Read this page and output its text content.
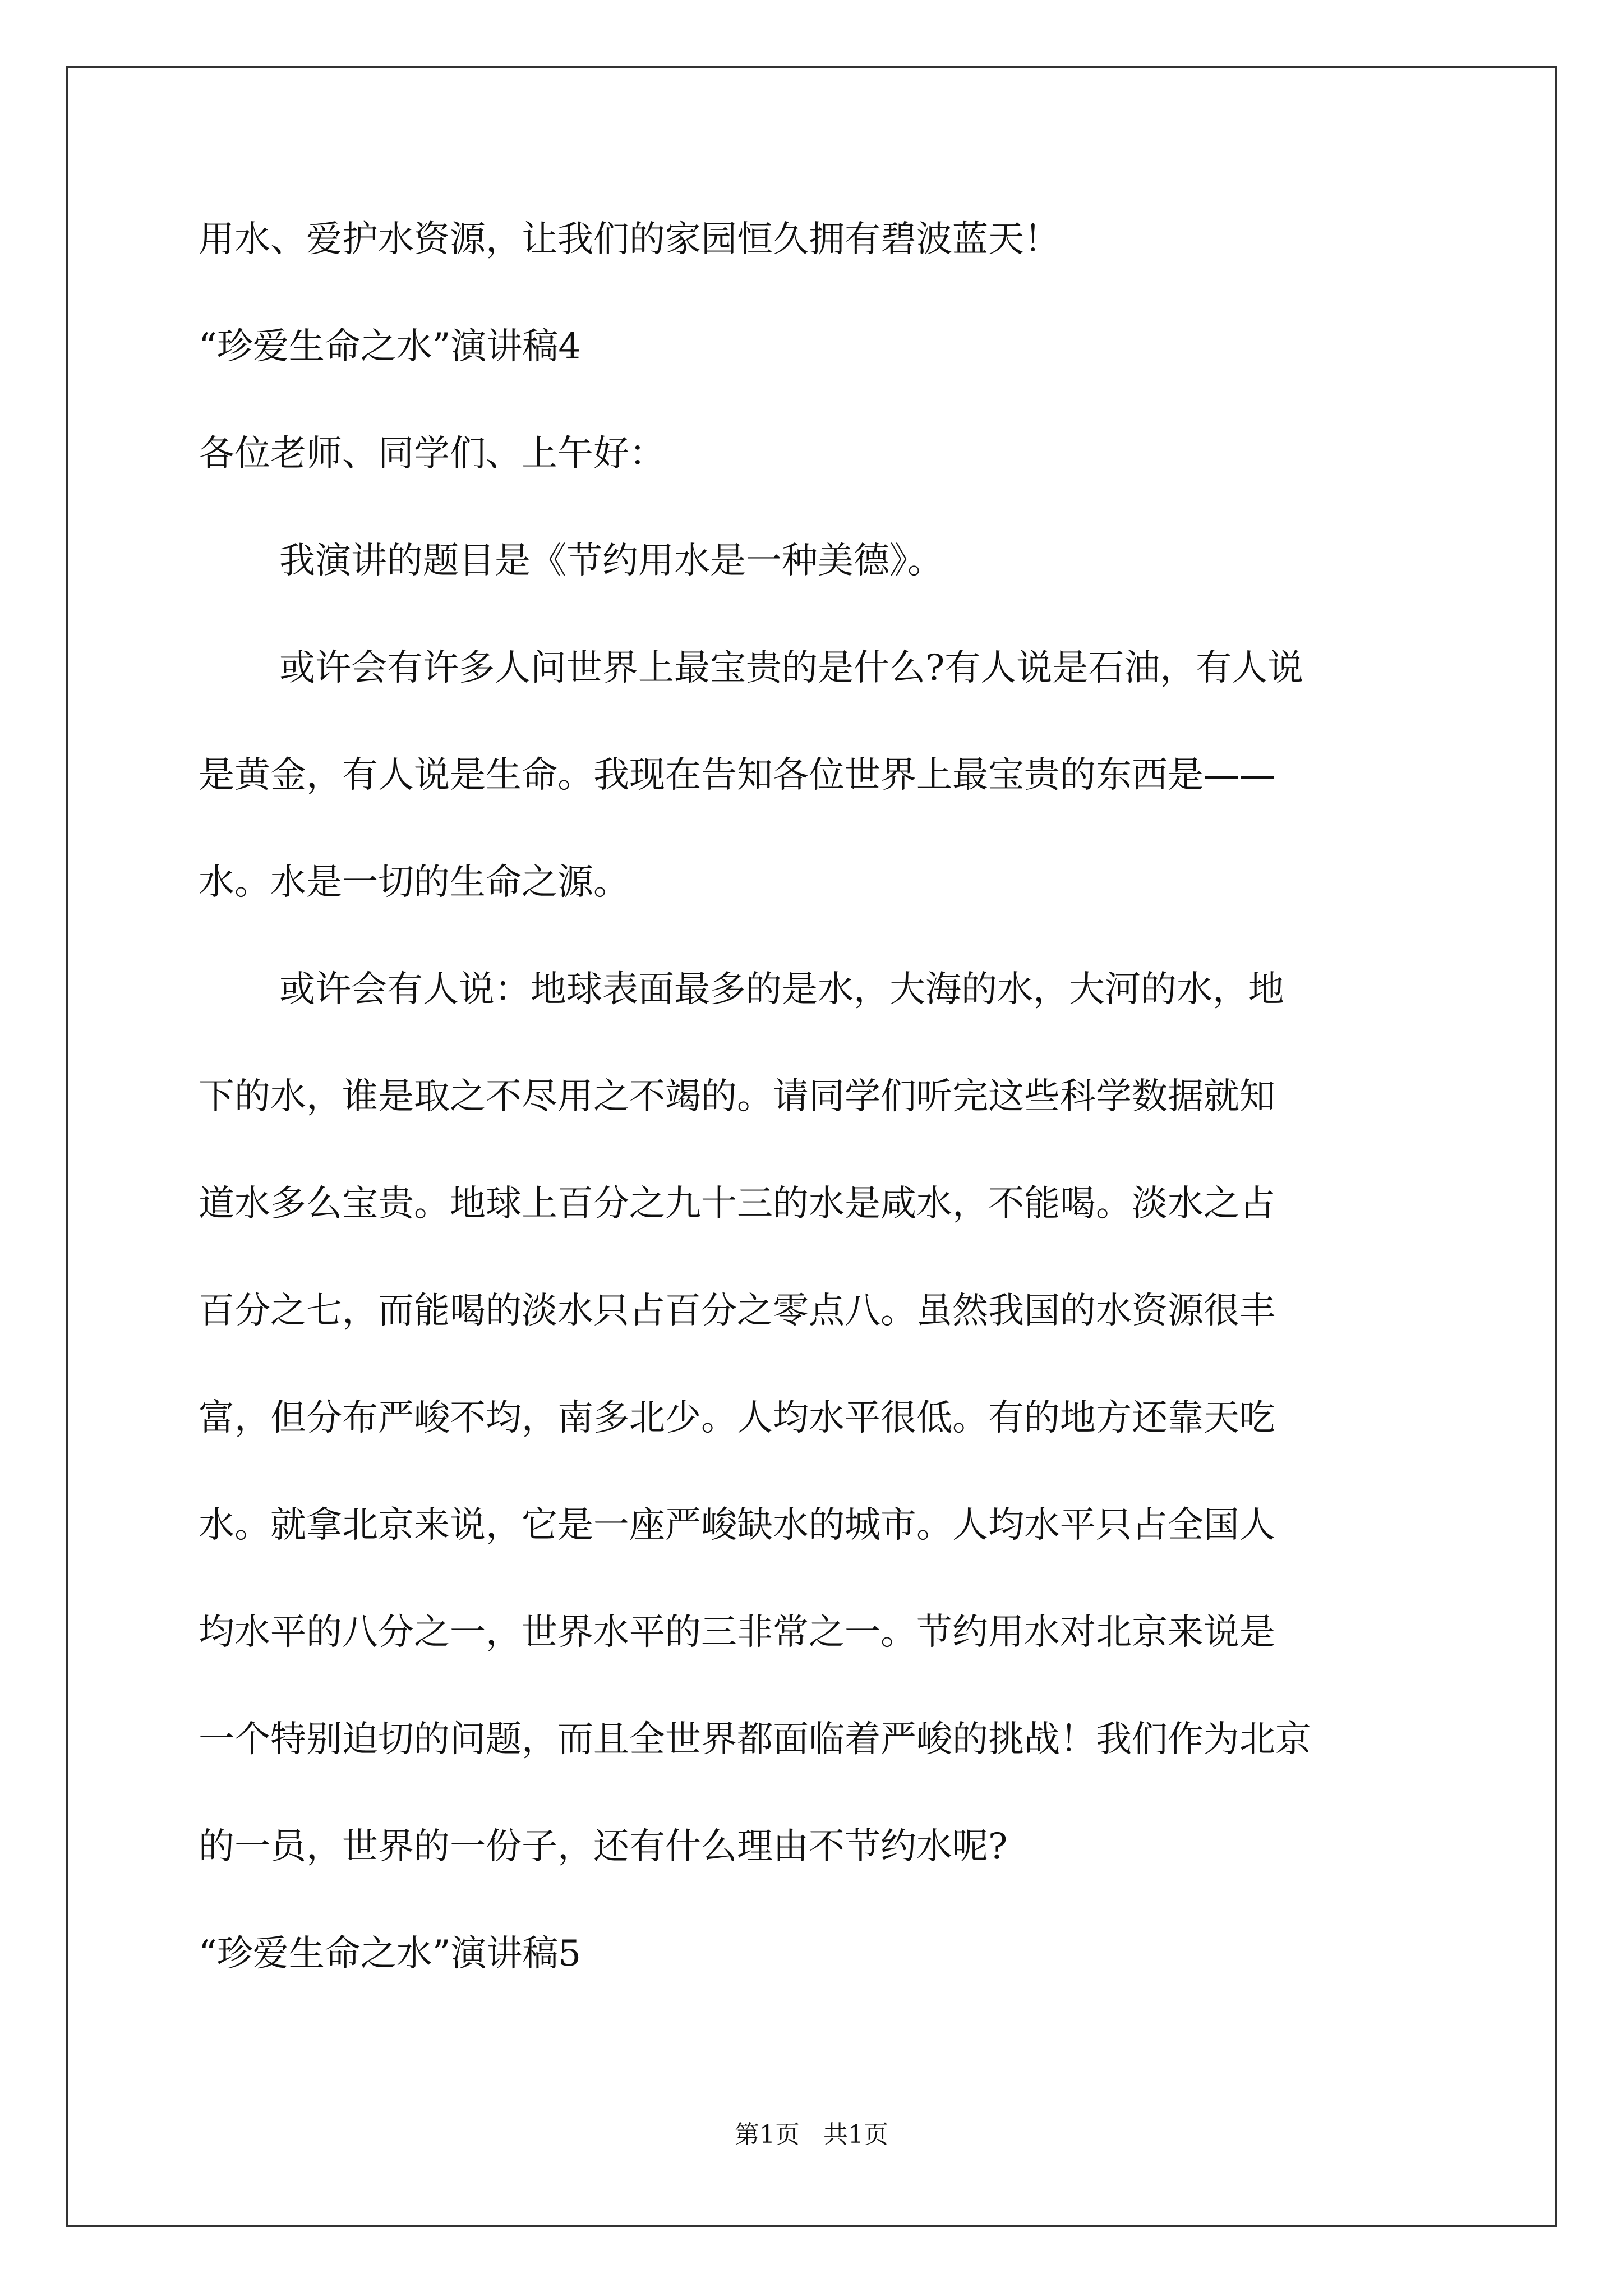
用水、爱护水资源，让我们的家园恒久拥有碧波蓝天！
“珍爱生命之水”演讲稿4
各位老师、同学们、上午好：
我演讲的题目是《节约用水是一种美德》。
或许会有许多人问世界上最宝贵的是什么?有人说是石油，有人说
是黄金，有人说是生命。我现在告知各位世界上最宝贵的东西是——
水。水是一切的生命之源。
或许会有人说：地球表面最多的是水，大海的水，大河的水，地
下的水，谁是取之不尽用之不竭的。请同学们听完这些科学数据就知
道水多么宝贵。地球上百分之九十三的水是咸水，不能喝。淡水之占
百分之七，而能喝的淡水只占百分之零点八。虽然我国的水资源很丰
富，但分布严峻不均，南多北少。人均水平很低。有的地方还靠天吃
水。就拿北京来说，它是一座严峻缺水的城市。人均水平只占全国人
均水平的八分之一，世界水平的三非常之一。节约用水对北京来说是
一个特别迫切的问题，而且全世界都面临着严峻的挑战！我们作为北京
的一员，世界的一份子，还有什么理由不节约水呢?
“珍爱生命之水”演讲稿5
第1页   共1页
